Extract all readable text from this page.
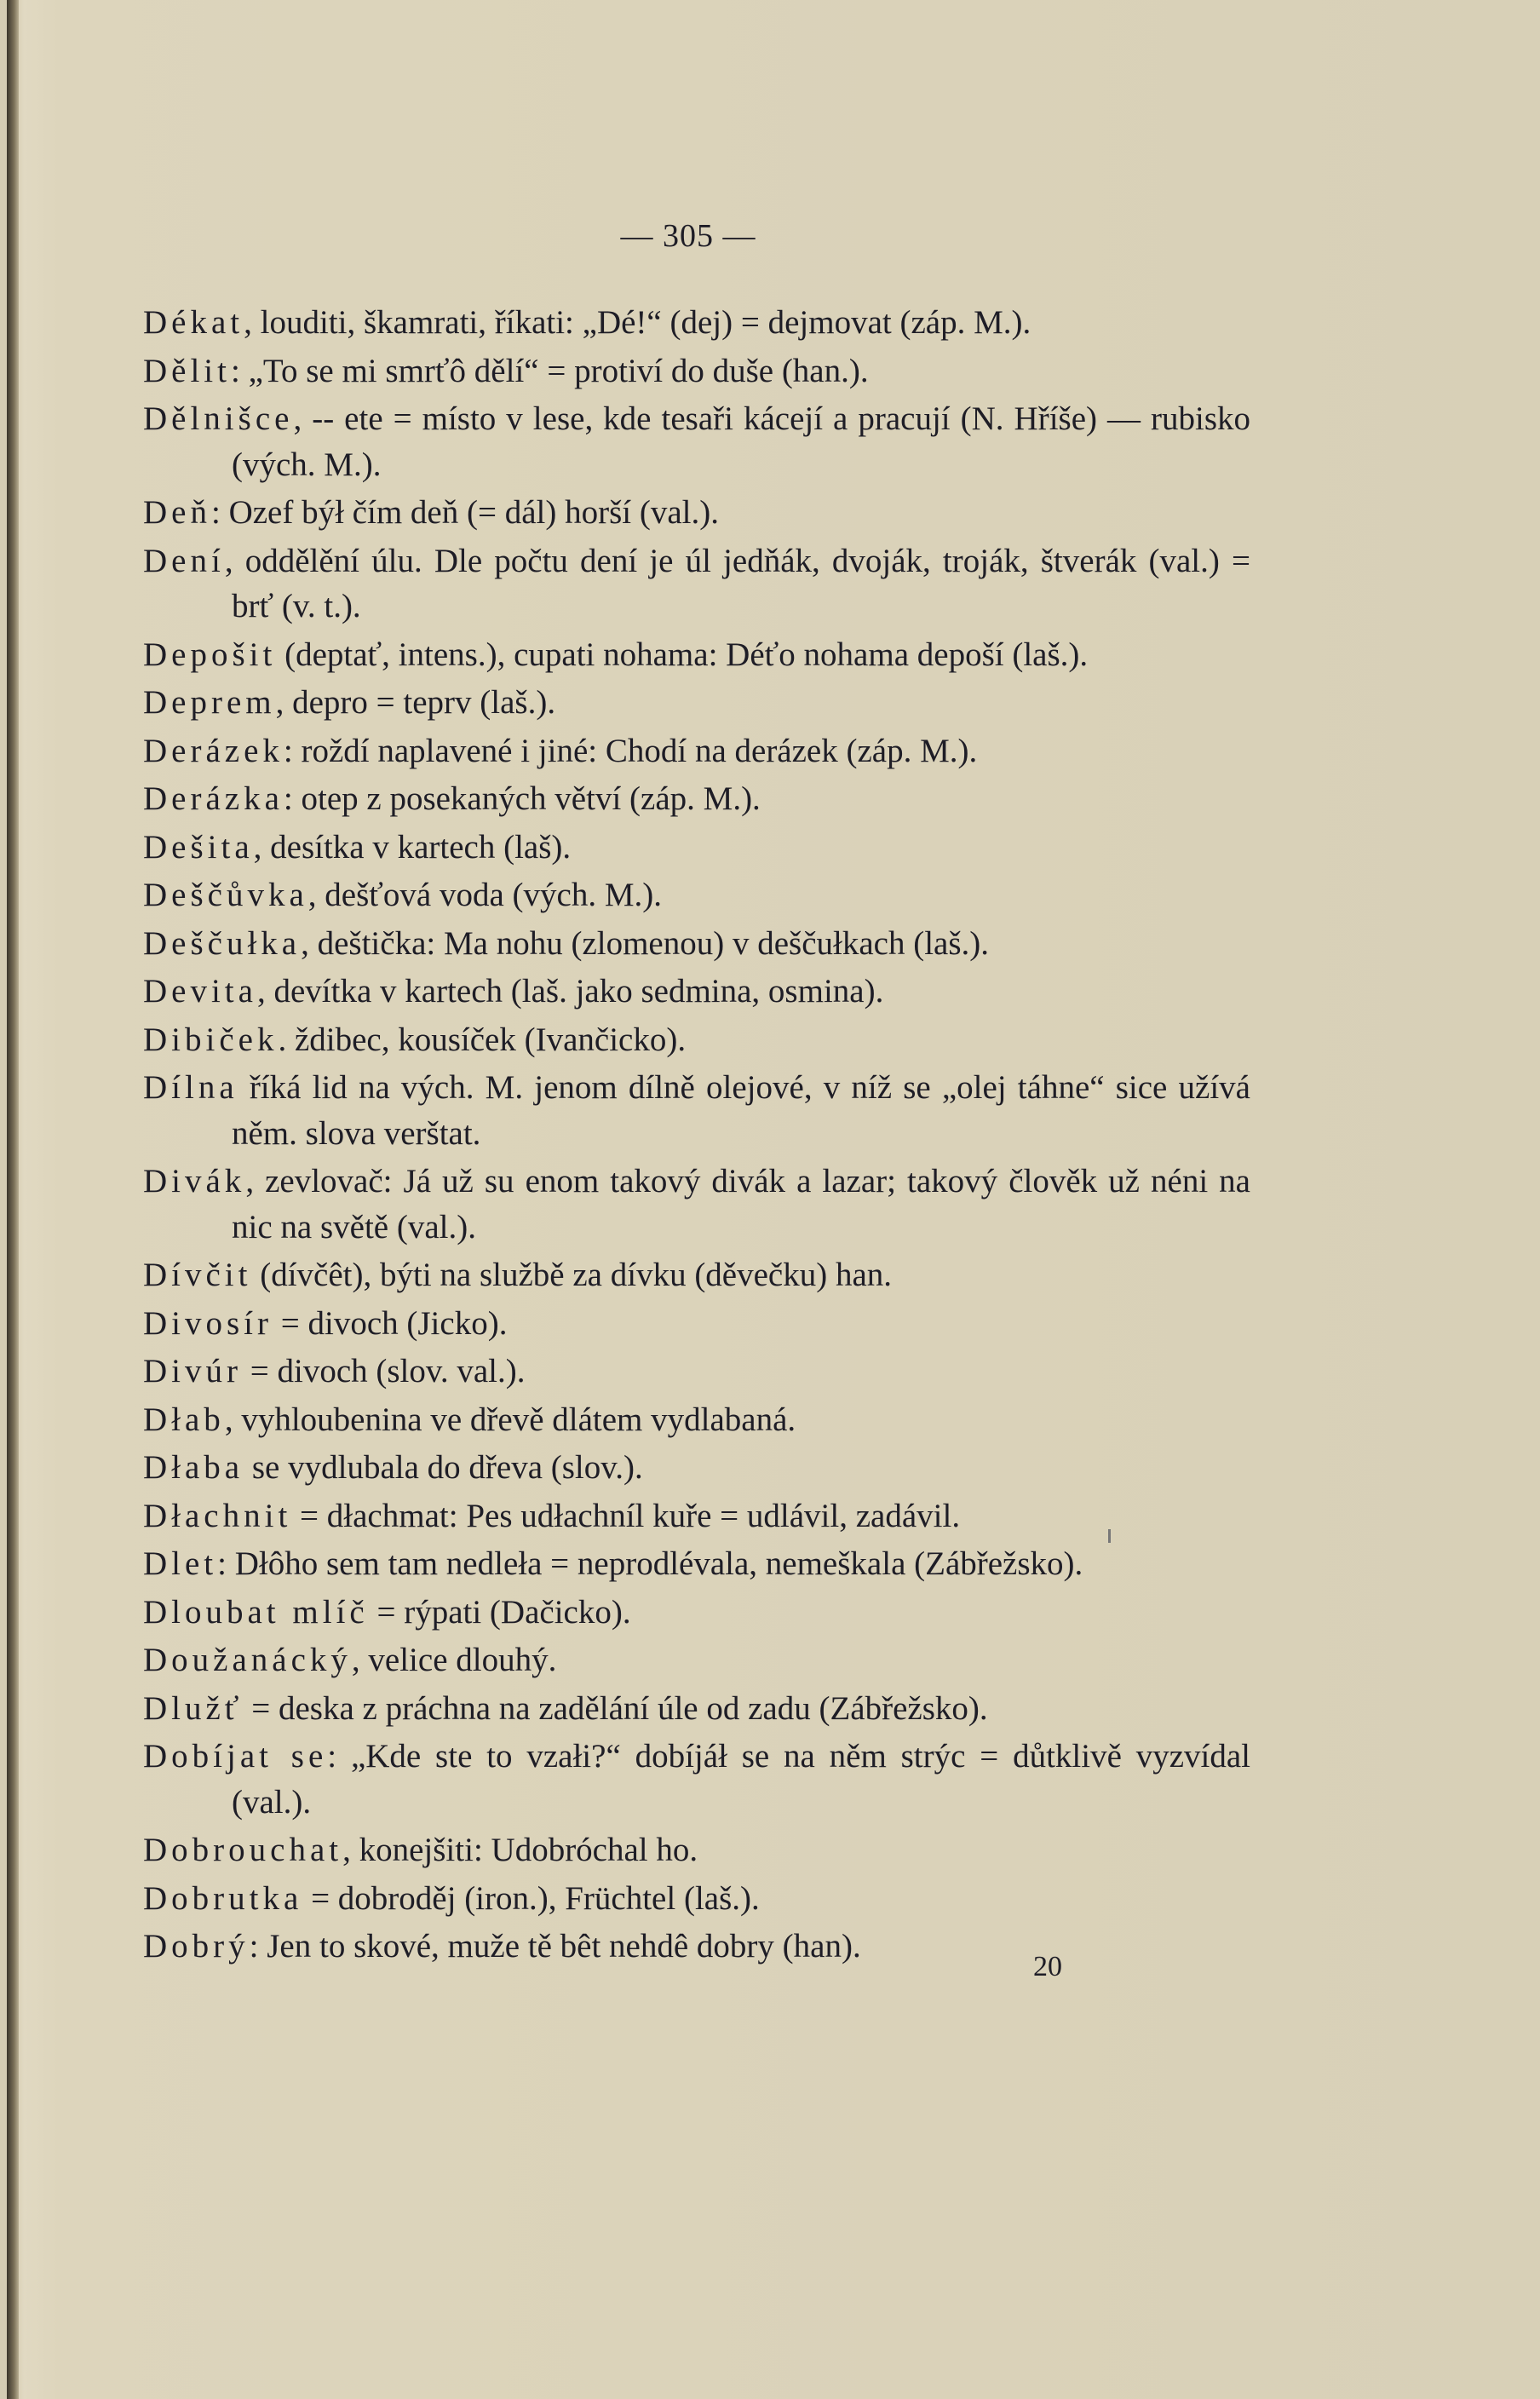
— 305 —

Dékat, louditi, škamrati, říkati: „Dé!“ (dej) = dejmovat (záp. M.).

Dělit: „To se mi smrťô dělí“ = protiví do duše (han.).

Dělnišce, -- ete = místo v lese, kde tesaři kácejí a pracují (N. Hříše) — rubisko (vých. M.).

Deň: Ozef býł čím deň (= dál) horší (val.).

Dení, oddělění úlu. Dle počtu dení je úl jedňák, dvoják, troják, štverák (val.) = brť (v. t.).

Depošit (deptať, intens.), cupati nohama: Déťo nohama depoší (laš.).

Deprem, depro = teprv (laš.).

Derázek: roždí naplavené i jiné: Chodí na derázek (záp. M.).

Derázka: otep z posekaných větví (záp. M.).

Dešita, desítka v kartech (laš).

Deščůvka, dešťová voda (vých. M.).

Deščułka, deštička: Ma nohu (zlomenou) v deščułkach (laš.).

Devita, devítka v kartech (laš. jako sedmina, osmina).

Dibiček. ždibec, kousíček (Ivančicko).

Dílna říká lid na vých. M. jenom dílně olejové, v níž se „olej táhne“ sice užívá něm. slova verštat.

Divák, zevlovač: Já už su enom takový divák a lazar; takový člověk už néni na nic na světě (val.).

Dívčit (dívčêt), býti na službě za dívku (děvečku) han.

Divosír = divoch (Jicko).

Divúr = divoch (slov. val.).

Dłab, vyhloubenina ve dřevě dlátem vydlabaná.

Dłaba se vydlubala do dřeva (slov.).

Dłachnit = dłachmat: Pes udłachníl kuře = udlávil, zadávil.

Dlet: Dłôho sem tam nedleła = neprodlévala, nemeškala (Zábřežsko).

Dloubat mlíč = rýpati (Dačicko).

Doužanácký, velice dlouhý.

Dlužť = deska z práchna na zadělání úle od zadu (Zábřežsko).

Dobíjat se: „Kde ste to vzałi?“ dobíjáł se na něm strýc = důtklivě vyzvídal (val.).

Dobrouchat, konejšiti: Udobróchal ho.

Dobrutka = dobroděj (iron.), Früchtel (laš.).

Dobrý: Jen to skové, muže tě bêt nehdê dobry (han).

20
